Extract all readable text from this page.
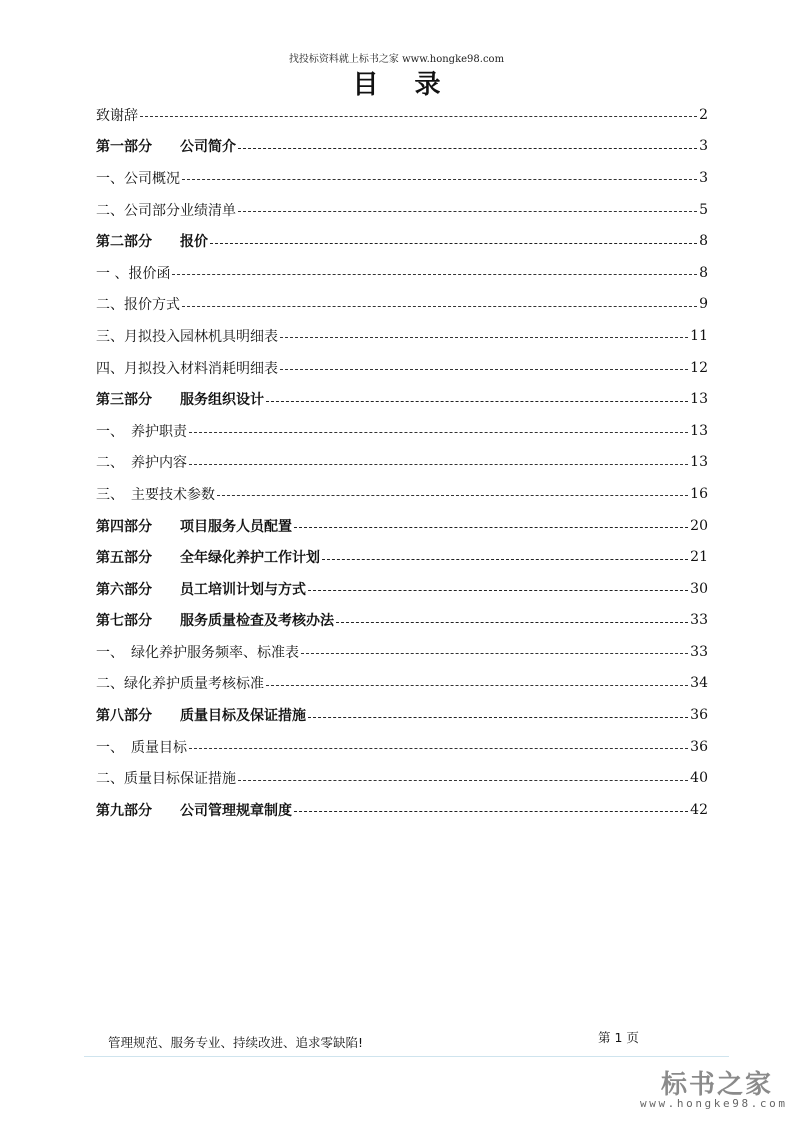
找投标资料就上标书之家 www.hongke98.com
目录
致谢辞	2
第一部分　　公司简介	3
一、公司概况	3
二、公司部分业绩清单	5
第二部分　　报价	8
一 、报价函	8
二、报价方式	9
三、月拟投入园林机具明细表	11
四、月拟投入材料消耗明细表	12
第三部分　　服务组织设计	13
一、　养护职责	13
二、　养护内容	13
三、　主要技术参数	16
第四部分　　项目服务人员配置	20
第五部分　　全年绿化养护工作计划	21
第六部分　　员工培训计划与方式	30
第七部分　　服务质量检查及考核办法	33
一、　绿化养护服务频率、标准表	33
二、绿化养护质量考核标准	34
第八部分　　质量目标及保证措施	36
一、　质量目标	36
二、质量目标保证措施	40
第九部分　　公司管理规章制度	42
管理规范、服务专业、持续改进、追求零缺陷!	第 1 页
标书之家
www.hongke98.com
